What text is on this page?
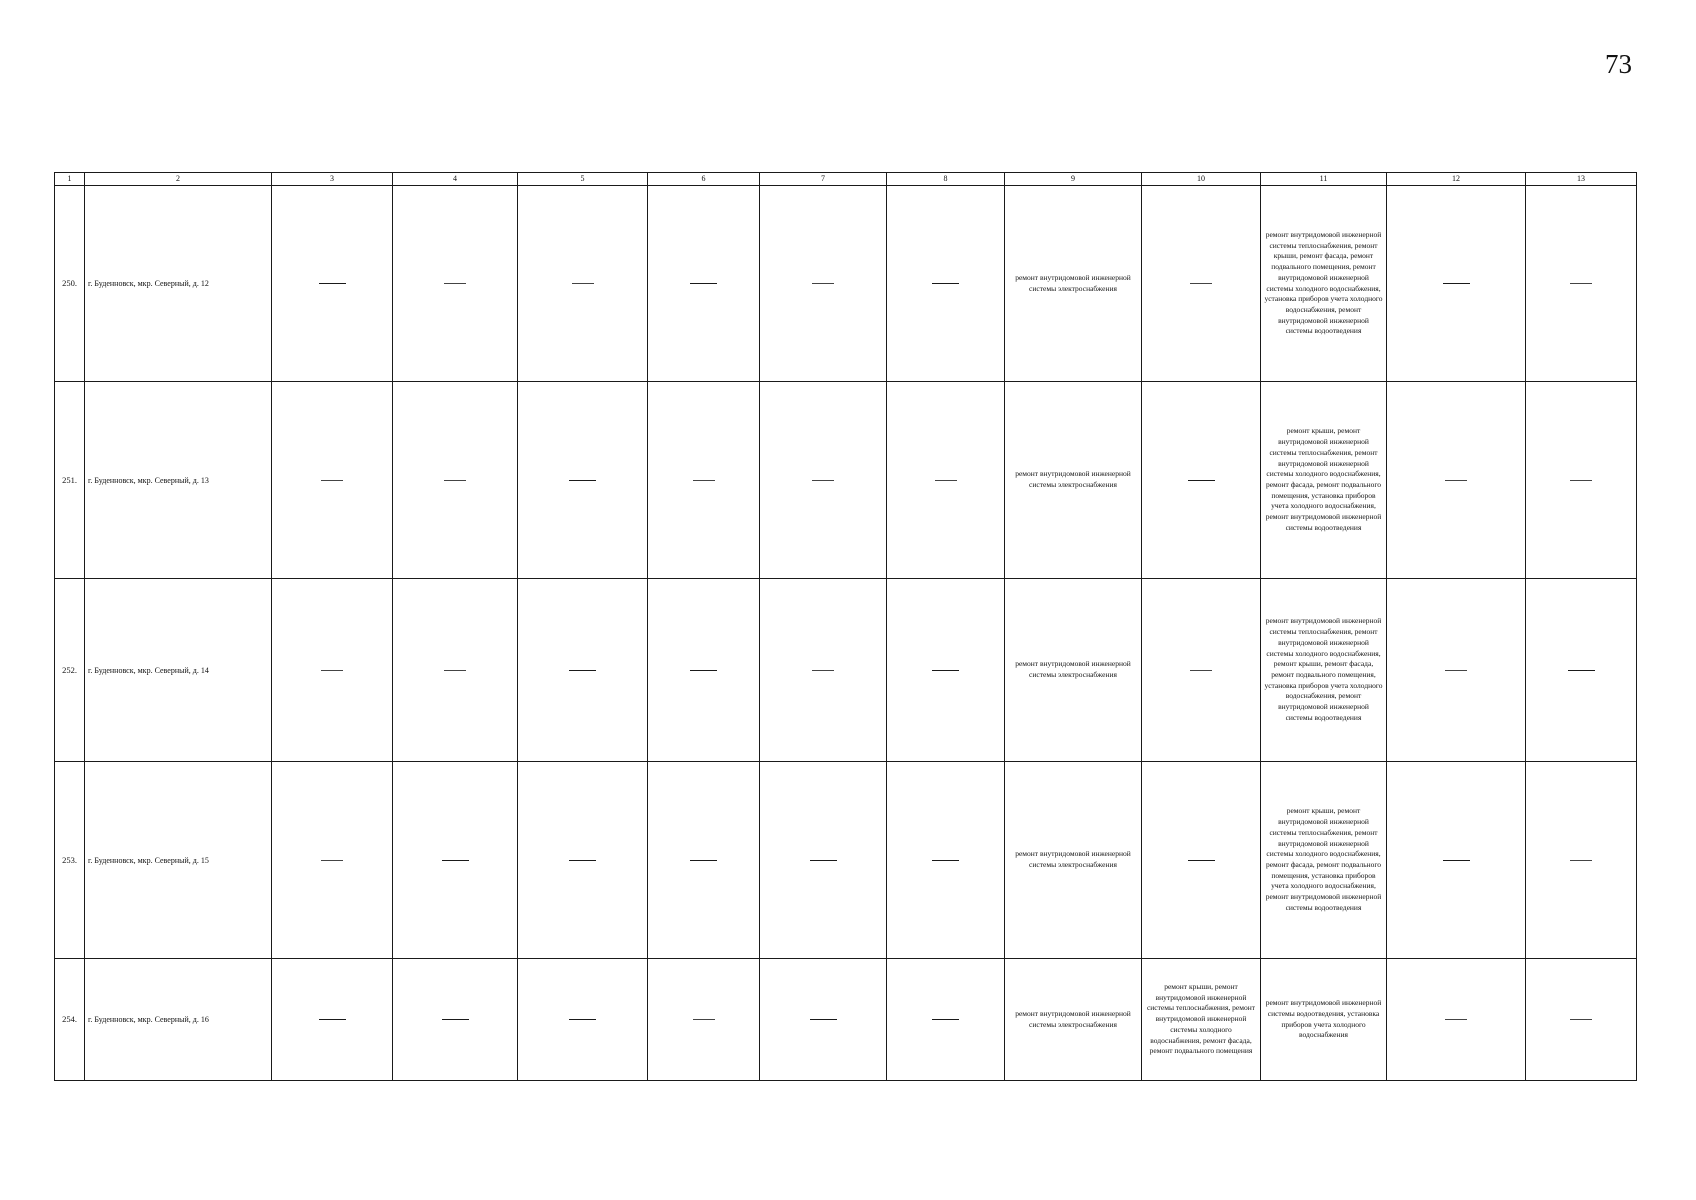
73
1	2	3	4	5	6	7	8	9	10	11	12	13
250.	г. Буденновск, мкр. Северный, д. 12							ремонт внутридомовой инженерной системы электроснабжения		ремонт внутридомовой инженерной системы теплоснабжения, ремонт крыши, ремонт фасада, ремонт подвального помещения, ремонт внутридомовой инженерной системы холодного водоснабжения, установка приборов учета холодного водоснабжения, ремонт внутридомовой инженерной системы водоотведения		
251.	г. Буденновск, мкр. Северный, д. 13							ремонт внутридомовой инженерной системы электроснабжения		ремонт крыши, ремонт внутридомовой инженерной системы теплоснабжения, ремонт внутридомовой инженерной системы холодного водоснабжения, ремонт фасада, ремонт подвального помещения, установка приборов учета холодного водоснабжения, ремонт внутридомовой инженерной системы водоотведения		
252.	г. Буденновск, мкр. Северный, д. 14							ремонт внутридомовой инженерной системы электроснабжения		ремонт внутридомовой инженерной системы теплоснабжения, ремонт внутридомовой инженерной системы холодного водоснабжения, ремонт крыши, ремонт фасада, ремонт подвального помещения, установка приборов учета холодного водоснабжения, ремонт внутридомовой инженерной системы водоотведения		
253.	г. Буденновск, мкр. Северный, д. 15							ремонт внутридомовой инженерной системы электроснабжения		ремонт крыши, ремонт внутридомовой инженерной системы теплоснабжения, ремонт внутридомовой инженерной системы холодного водоснабжения, ремонт фасада, ремонт подвального помещения, установка приборов учета холодного водоснабжения, ремонт внутридомовой инженерной системы водоотведения		
254.	г. Буденновск, мкр. Северный, д. 16							ремонт внутридомовой инженерной системы электроснабжения	ремонт крыши, ремонт внутридомовой инженерной системы теплоснабжения, ремонт внутридомовой инженерной системы холодного водоснабжения, ремонт фасада, ремонт подвального помещения	ремонт внутридомовой инженерной системы водоотведения, установка приборов учета холодного водоснабжения		
